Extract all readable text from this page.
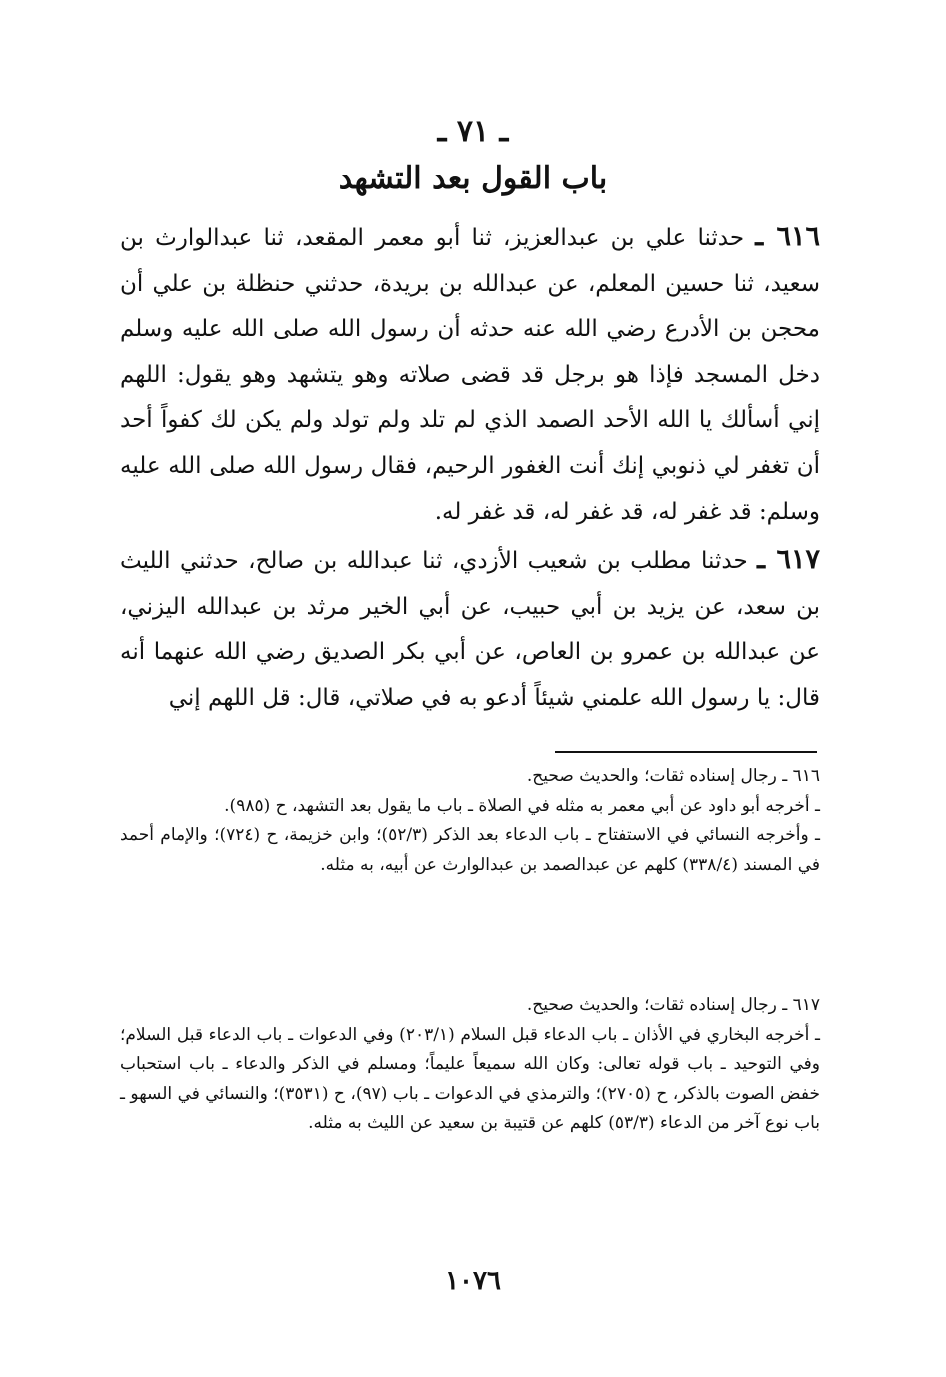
ـ ٧١ ـ
باب القول بعد التشهد

٦١٦ ـ حدثنا علي بن عبدالعزيز، ثنا أبو معمر المقعد، ثنا عبدالوارث بن سعيد، ثنا حسين المعلم، عن عبدالله بن بريدة، حدثني حنظلة بن علي أن محجن بن الأدرع رضي الله عنه حدثه أن رسول الله صلى الله عليه وسلم دخل المسجد فإذا هو برجل قد قضى صلاته وهو يتشهد وهو يقول: اللهم إني أسألك يا الله الأحد الصمد الذي لم تلد ولم تولد ولم يكن لك كفواً أحد أن تغفر لي ذنوبي إنك أنت الغفور الرحيم، فقال رسول الله صلى الله عليه وسلم: قد غفر له، قد غفر له، قد غفر له.

٦١٧ ـ حدثنا مطلب بن شعيب الأزدي، ثنا عبدالله بن صالح، حدثني الليث بن سعد، عن يزيد بن أبي حبيب، عن أبي الخير مرثد بن عبدالله اليزني، عن عبدالله بن عمرو بن العاص، عن أبي بكر الصديق رضي الله عنهما أنه قال: يا رسول الله علمني شيئاً أدعو به في صلاتي، قال: قل اللهم إني

٦١٦ ـ رجال إسناده ثقات؛ والحديث صحيح.

ـ أخرجه أبو داود عن أبي معمر به مثله في الصلاة ـ باب ما يقول بعد التشهد، ح (٩٨٥).

ـ وأخرجه النسائي في الاستفتاح ـ باب الدعاء بعد الذكر (٥٢/٣)؛ وابن خزيمة، ح (٧٢٤)؛ والإمام أحمد في المسند (٣٣٨/٤) كلهم عن عبدالصمد بن عبدالوارث عن أبيه، به مثله.

٦١٧ ـ رجال إسناده ثقات؛ والحديث صحيح.

ـ أخرجه البخاري في الأذان ـ باب الدعاء قبل السلام (٢٠٣/١) وفي الدعوات ـ باب الدعاء قبل السلام؛ وفي التوحيد ـ باب قوله تعالى: وكان الله سميعاً عليماً؛ ومسلم في الذكر والدعاء ـ باب استحباب خفض الصوت بالذكر، ح (٢٧٠٥)؛ والترمذي في الدعوات ـ باب (٩٧)، ح (٣٥٣١)؛ والنسائي في السهو ـ باب نوع آخر من الدعاء (٥٣/٣) كلهم عن قتيبة بن سعيد عن الليث به مثله.

١٠٧٦
